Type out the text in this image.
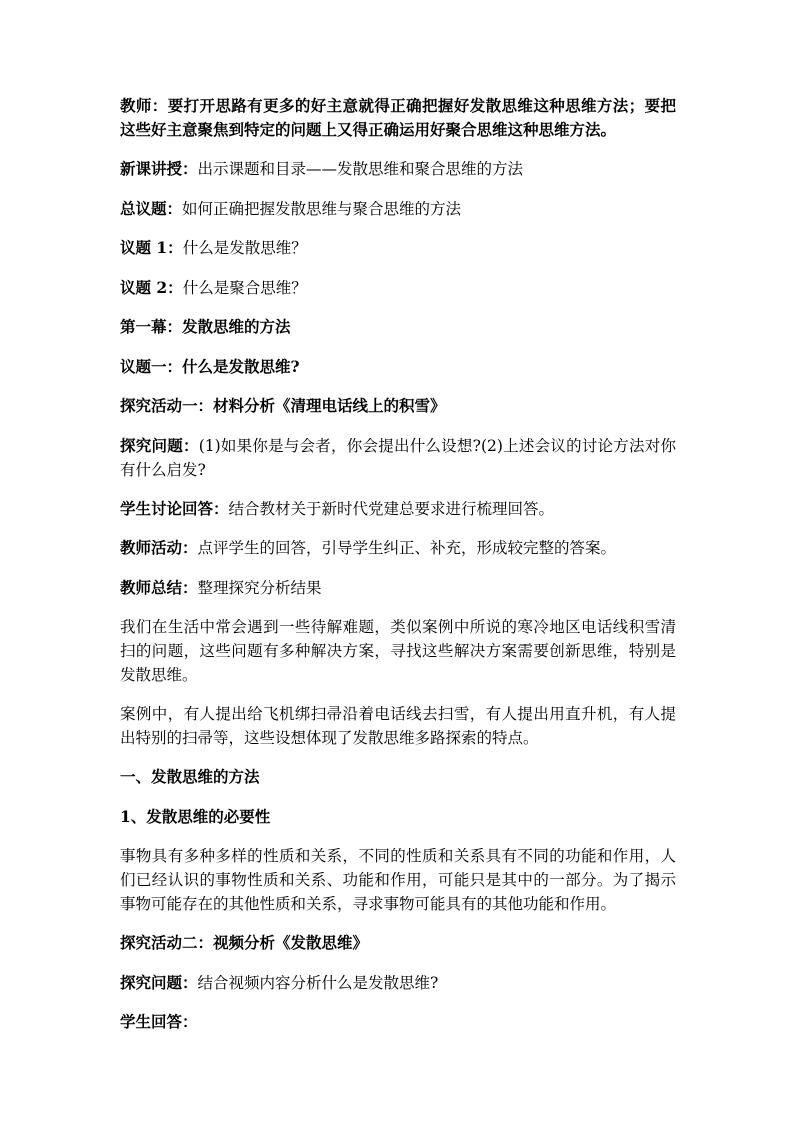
教师：要打开思路有更多的好主意就得正确把握好发散思维这种思维方法；要把这些好主意聚焦到特定的问题上又得正确运用好聚合思维这种思维方法。

新课讲授：出示课题和目录——发散思维和聚合思维的方法

总议题：如何正确把握发散思维与聚合思维的方法

议题 1：什么是发散思维？

议题 2：什么是聚合思维？

第一幕：发散思维的方法

议题一：什么是发散思维?

探究活动一：材料分析《清理电话线上的积雪》

探究问题：(1)如果你是与会者，你会提出什么设想?(2)上述会议的讨论方法对你有什么启发?

学生讨论回答：结合教材关于新时代党建总要求进行梳理回答。

教师活动：点评学生的回答，引导学生纠正、补充，形成较完整的答案。

教师总结：整理探究分析结果

我们在生活中常会遇到一些待解难题，类似案例中所说的寒冷地区电话线积雪清扫的问题，这些问题有多种解决方案，寻找这些解决方案需要创新思维，特别是发散思维。

案例中，有人提出给飞机绑扫帚沿着电话线去扫雪，有人提出用直升机，有人提出特别的扫帚等，这些设想体现了发散思维多路探索的特点。

一、发散思维的方法

1、发散思维的必要性

事物具有多种多样的性质和关系，不同的性质和关系具有不同的功能和作用，人们已经认识的事物性质和关系、功能和作用，可能只是其中的一部分。为了揭示事物可能存在的其他性质和关系，寻求事物可能具有的其他功能和作用。

探究活动二：视频分析《发散思维》

探究问题：结合视频内容分析什么是发散思维?

学生回答：
